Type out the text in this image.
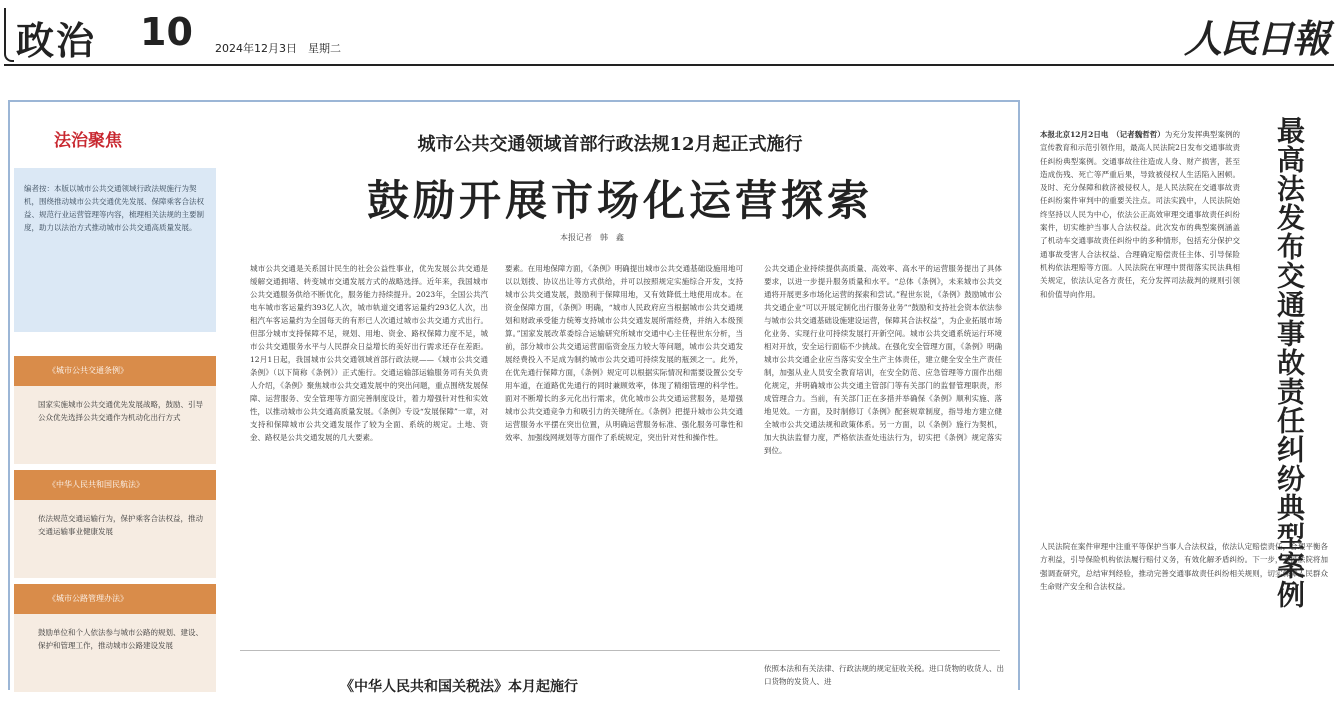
政治 10 2024年12月3日　星期二	人民日報
法治聚焦
编者按：本版以城市公共交通领域行政法规施行为契机，围绕推动城市公共交通优先发展、保障乘客合法权益、规范行业运营管理等内容，梳理相关法规的主要制度，助力以法治方式推动城市公共交通高质量发展。
《城市公共交通条例》
国家实施城市公共交通优先发展战略，鼓励、引导公众优先选择公共交通作为机动化出行方式
《中华人民共和国民航法》
依法规范交通运输行为，保护乘客合法权益，推动交通运输事业健康发展
《城市公路管理办法》
鼓励单位和个人依法参与城市公路的规划、建设、保护和管理工作，推动城市公路建设发展
城市公共交通领域首部行政法规12月起正式施行
鼓励开展市场化运营探索
本报记者　韩　鑫
城市公共交通是关系国计民生的社会公益性事业，优先发展公共交通是缓解交通拥堵、转变城市交通发展方式的战略选择。近年来，我国城市公共交通服务供给不断优化，服务能力持续提升。2023年，全国公共汽电车城市客运量约393亿人次，城市轨道交通客运量约293亿人次，出租汽车客运量约为全国每天的有形已人次通过城市公共交通方式出行。但部分城市支持保障不足，规划、用地、资金、路权保障力度不足，城市公共交通服务水平与人民群众日益增长的美好出行需求还存在差距。12月1日起，我国城市公共交通领域首部行政法规——《城市公共交通条例》（以下简称《条例》）正式施行。交通运输部运输服务司有关负责人介绍，《条例》聚焦城市公共交通发展中的突出问题，重点围绕发展保障、运营服务、安全管理等方面完善制度设计，着力增强针对性和实效性，以推动城市公共交通高质量发展。《条例》专设“发展保障”一章，对支持和保障城市公共交通发展作了较为全面、系统的规定。土地、资金、路权是公共交通发展的几大要素。
要素。在用地保障方面，《条例》明确提出城市公共交通基础设施用地可以以划拨、协议出让等方式供给，并可以按照规定实施综合开发，支持城市公共交通发展，鼓励利于保障用地，又有效降低土地使用成本。在资金保障方面，《条例》明确，“城市人民政府应当根据城市公共交通规划和财政承受能力统筹支持城市公共交通发展所需经费，并纳入本级预算。”国家发展改革委综合运输研究所城市交通中心主任程世东分析，当前，部分城市公共交通运营面临资金压力较大等问题，城市公共交通发展经费投入不足成为制约城市公共交通可持续发展的瓶颈之一。此外，在优先通行保障方面，《条例》规定可以根据实际情况和需要设置公交专用车道，在道路优先通行的同时兼顾效率，体现了精细管理的科学性。面对不断增长的多元化出行需求，优化城市公共交通运营服务，是增强城市公共交通竞争力和吸引力的关键所在。《条例》把提升城市公共交通运营服务水平摆在突出位置，从明确运营服务标准、强化服务可靠性和效率、加强线网规划等方面作了系统规定，突出针对性和操作性。
公共交通企业持续提供高质量、高效率、高水平的运营服务提出了具体要求，以进一步提升服务质量和水平。“总体《条例》，未来城市公共交通将开展更多市场化运营的探索和尝试。”程世东说，《条例》鼓励城市公共交通企业“可以开展定制化出行服务业务”“鼓励和支持社会资本依法参与城市公共交通基础设施建设运营，保障其合法权益”，为企业拓展市场化业务、实现行业可持续发展打开新空间。城市公共交通系统运行环境相对开放，安全运行面临不少挑战。在强化安全管理方面，《条例》明确城市公共交通企业应当落实安全生产主体责任，建立健全安全生产责任制，加强从业人员安全教育培训，在安全防范、应急管理等方面作出细化规定，并明确城市公共交通主管部门等有关部门的监督管理职责，形成管理合力。当前，有关部门正在多措并举确保《条例》顺利实施、落地见效。一方面，及时制修订《条例》配套规章制度，指导地方建立健全城市公共交通法规和政策体系。另一方面，以《条例》施行为契机，加大执法监督力度，严格依法查处违法行为，切实把《条例》规定落实到位。
《中华人民共和国关税法》本月起施行
依照本法和有关法律、行政法规的规定征收关税。进口货物的收货人、出口货物的发货人、进
本报北京12月2日电　（记者魏哲哲）为充分发挥典型案例的宣传教育和示范引领作用，最高人民法院2日发布交通事故责任纠纷典型案例。交通事故往往造成人身、财产损害，甚至造成伤残、死亡等严重后果，导致被侵权人生活陷入困顿。及时、充分保障和救济被侵权人，是人民法院在交通事故责任纠纷案件审判中的重要关注点。司法实践中，人民法院始终坚持以人民为中心，依法公正高效审理交通事故责任纠纷案件，切实维护当事人合法权益。此次发布的典型案例涵盖了机动车交通事故责任纠纷中的多种情形，包括充分保护交通事故受害人合法权益、合理确定赔偿责任主体、引导保险机构依法理赔等方面。人民法院在审理中贯彻落实民法典相关规定，依法认定各方责任，充分发挥司法裁判的规则引领和价值导向作用。
人民法院在案件审理中注重平等保护当事人合法权益，依法认定赔偿责任，合理平衡各方利益，引导保险机构依法履行赔付义务，有效化解矛盾纠纷。下一步，人民法院将加强调查研究，总结审判经验，推动完善交通事故责任纠纷相关规则，切实保障人民群众生命财产安全和合法权益。	最高法发布交通事故责任纠纷典型案例
